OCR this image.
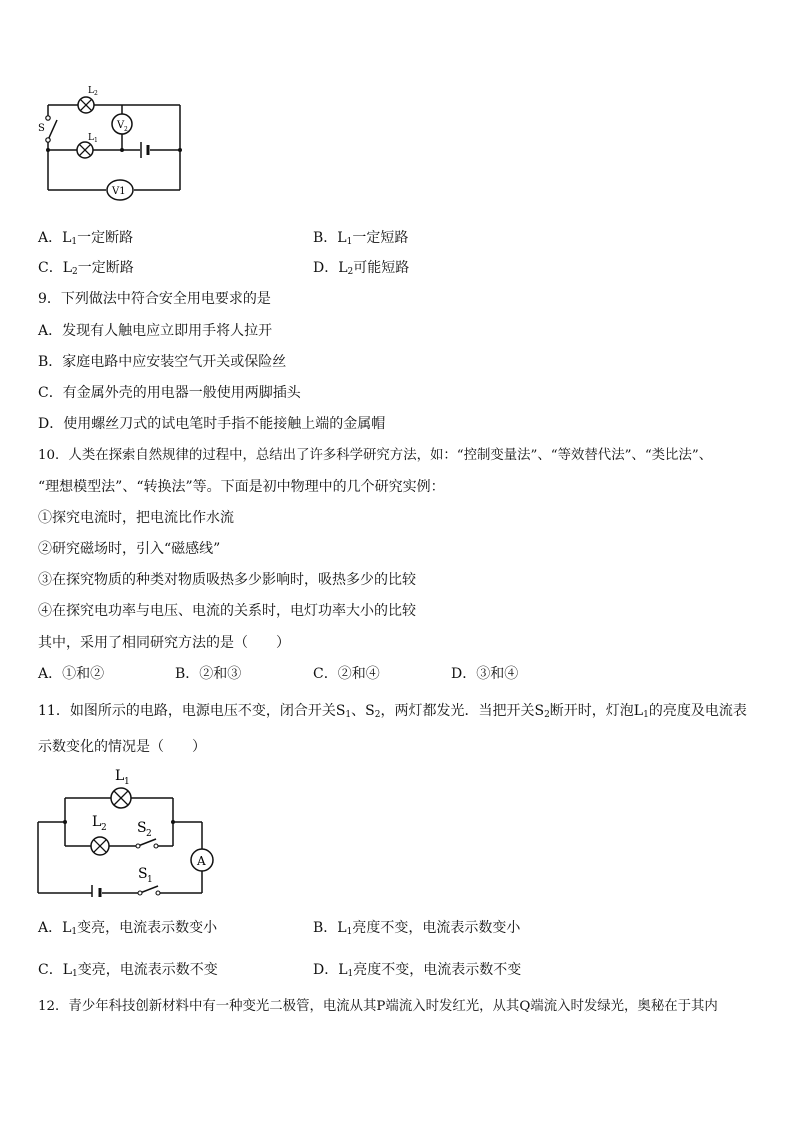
V 2
V1
S
L 2
L 1
A．$L_1$一定断路	B．$L_1$一定短路
C．$L_2$一定断路	D．$L_2$可能短路
9．下列做法中符合安全用电要求的是
A．发现有人触电应立即用手将人拉开
B．家庭电路中应安装空气开关或保险丝
C．有金属外壳的用电器一般使用两脚插头
D．使用螺丝刀式的试电笔时手指不能接触上端的金属帽
10．人类在探索自然规律的过程中，总结出了许多科学研究方法，如：“控制变量法”、“等效替代法”、“类比法”、
“理想模型法”、“转换法”等。下面是初中物理中的几个研究实例：
①探究电流时，把电流比作水流
②研究磁场时，引入“磁感线”
③在探究物质的种类对物质吸热多少影响时，吸热多少的比较
④在探究电功率与电压、电流的关系时，电灯功率大小的比较
其中，采用了相同研究方法的是（　　）
A．①和②	B．②和③	C．②和④	D．③和④
11．如图所示的电路，电源电压不变，闭合开关$S_1$、$S_2$，两灯都发光．当把开关$S_2$断开时，灯泡$L_1$的亮度及电流表
示数变化的情况是（　　）
A
L 1
L 2 S 2
S 1
A．$L_1$变亮，电流表示数变小	B．$L_1$亮度不变，电流表示数变小
C．$L_1$变亮，电流表示数不变	D．$L_1$亮度不变，电流表示数不变
12．青少年科技创新材料中有一种变光二极管，电流从其P端流入时发红光，从其Q端流入时发绿光，奥秘在于其内
